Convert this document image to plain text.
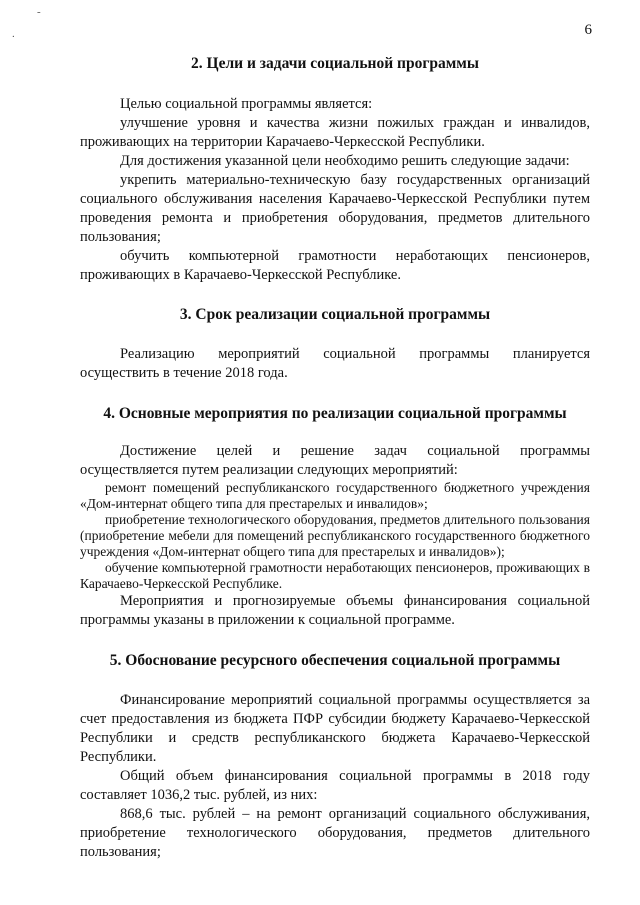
-
.	6
2. Цели и задачи социальной программы

Целью социальной программы является:

улучшение уровня и качества жизни пожилых граждан и инвалидов, проживающих на территории Карачаево-Черкесской Республики.

Для достижения указанной цели необходимо решить следующие задачи:

укрепить материально-техническую базу государственных организаций социального обслуживания населения Карачаево-Черкесской Республики путем проведения ремонта и приобретения оборудования, предметов длительного пользования;

обучить компьютерной грамотности неработающих пенсионеров, проживающих в Карачаево-Черкесской Республике.

3. Срок реализации социальной программы

Реализацию мероприятий социальной программы планируется осуществить в течение 2018 года.

4. Основные мероприятия по реализации социальной программы

Достижение целей и решение задач социальной программы осуществляется путем реализации следующих мероприятий:

ремонт помещений республиканского государственного бюджетного учреждения «Дом-интернат общего типа для престарелых и инвалидов»;

приобретение технологического оборудования, предметов длительного пользования (приобретение мебели для помещений республиканского государственного бюджетного учреждения «Дом-интернат общего типа для престарелых и инвалидов»);

обучение компьютерной грамотности неработающих пенсионеров, проживающих в Карачаево-Черкесской Республике.

Мероприятия и прогнозируемые объемы финансирования социальной программы указаны в приложении к социальной программе.

5. Обоснование ресурсного обеспечения социальной программы

Финансирование мероприятий социальной программы осуществляется за счет предоставления из бюджета ПФР субсидии бюджету Карачаево-Черкесской Республики и средств республиканского бюджета Карачаево-Черкесской Республики.

Общий объем финансирования социальной программы в 2018 году составляет 1036,2 тыс. рублей, из них:

868,6 тыс. рублей – на ремонт организаций социального обслуживания, приобретение технологического оборудования, предметов длительного пользования;
